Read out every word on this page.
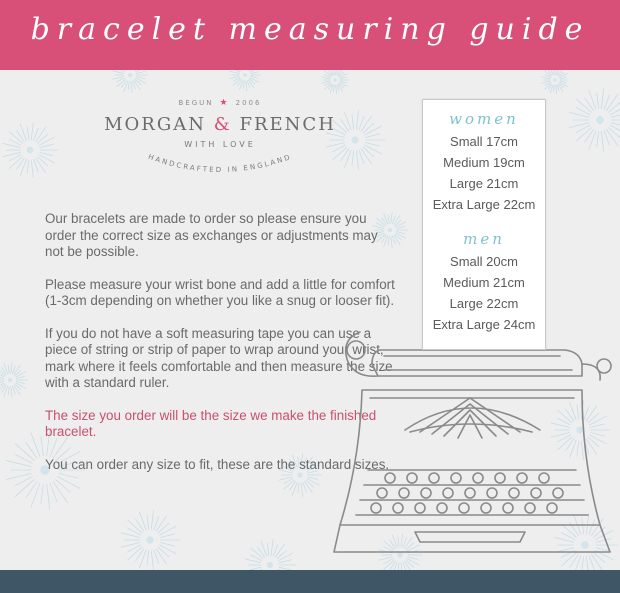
bracelet measuring guide
BEGUN ★ 2006
MORGAN & FRENCH
WITH LOVE
HANDCRAFTED IN ENGLAND

Our bracelets are made to order so please ensure you order the correct size as exchanges or adjustments may not be possible.

Please measure your wrist bone and add a little for comfort (1-3cm depending on whether you like a snug or looser fit).

If you do not have a soft measuring tape you can use a piece of string or strip of paper to wrap around your wrist, mark where it feels comfortable and then measure the size with a standard ruler.

The size you order will be the size we make the finished bracelet.

You can order any size to fit, these are the standard sizes.

women

Small 17cm

Medium 19cm

Large 21cm

Extra Large 22cm

men

Small 20cm

Medium 21cm

Large 22cm

Extra Large 24cm
